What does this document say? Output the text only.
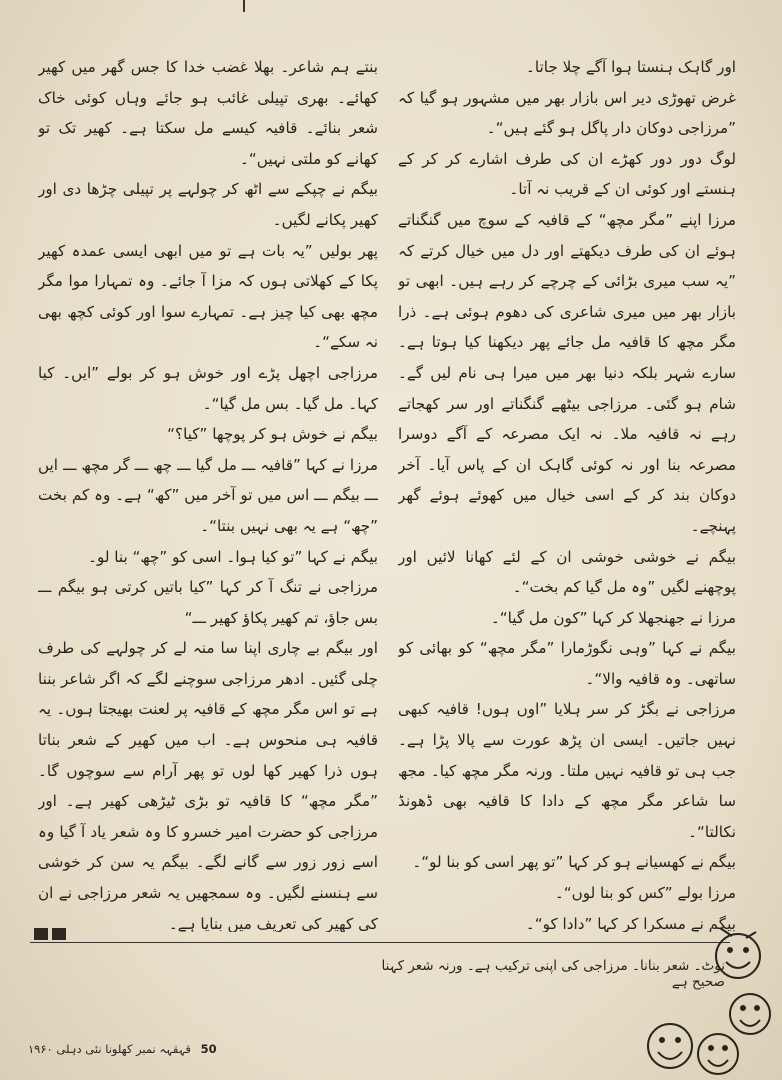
اور گاہک ہنستا ہوا آگے چلا جاتا۔

غرض تھوڑی دیر اس بازار بھر میں مشہور ہو گیا کہ ”مرزاجی دوکان دار پاگل ہو گئے ہیں“۔

لوگ دور دور کھڑے ان کی طرف اشارے کر کر کے ہنستے اور کوئی ان کے قریب نہ آتا۔

مرزا اپنے ”مگر مچھ“ کے قافیہ کے سوچ میں گنگناتے ہوئے ان کی طرف دیکھتے اور دل میں خیال کرتے کہ ”یہ سب میری بڑائی کے چرچے کر رہے ہیں۔ ابھی تو بازار بھر میں میری شاعری کی دھوم ہوئی ہے۔ ذرا مگر مچھ کا قافیہ مل جائے پھر دیکھنا کیا ہوتا ہے۔ سارے شہر بلکہ دنیا بھر میں میرا ہی نام لیں گے۔ شام ہو گئی۔ مرزاجی بیٹھے گنگناتے اور سر کھجاتے رہے نہ قافیہ ملا۔ نہ ایک مصرعہ کے آگے دوسرا مصرعہ بنا اور نہ کوئی گاہک ان کے پاس آیا۔ آخر دوکان بند کر کے اسی خیال میں کھوئے ہوئے گھر پہنچے۔

بیگم نے خوشی خوشی ان کے لئے کھانا لائیں اور پوچھنے لگیں ”وہ مل گیا کم بخت“۔

مرزا نے جھنجھلا کر کہا ”کون مل گیا“۔

بیگم نے کہا ”وہی نگوڑمارا ”مگر مچھ“ کو بھائی کو ساتھی۔ وہ قافیہ والا“۔

مرزاجی نے بگڑ کر سر ہلایا ”اوں ہوں! قافیہ کبھی نہیں جاتیں۔ ایسی ان پڑھ عورت سے پالا پڑا ہے۔ جب ہی تو قافیہ نہیں ملتا۔ ورنہ مگر مچھ کیا۔ مجھ سا شاعر مگر مچھ کے دادا کا قافیہ بھی ڈھونڈ نکالتا“۔

بیگم نے کھسیانے ہو کر کہا ”تو پھر اسی کو بنا لو“۔

مرزا بولے ”کس کو بنا لوں“۔

بیگم نے مسکرا کر کہا ”دادا کو“۔

بنتے ہم شاعر۔ بھلا غضب خدا کا جس گھر میں کھیر کھائے۔ بھری تپیلی غائب ہو جائے وہاں کوئی خاک شعر بنائے۔ قافیہ کیسے مل سکتا ہے۔ کھیر تک تو کھانے کو ملتی نہیں“۔

بیگم نے چپکے سے اٹھ کر چولہے پر تپیلی چڑھا دی اور کھیر پکانے لگیں۔

پھر بولیں ”یہ بات ہے تو میں ابھی ایسی عمدہ کھیر پکا کے کھلاتی ہوں کہ مزا آ جائے۔ وہ تمہارا موا مگر مچھ بھی کیا چیز ہے۔ تمہارے سوا اور کوئی کچھ بھی نہ سکے“۔

مرزاجی اچھل پڑے اور خوش ہو کر بولے ”ایں۔ کیا کہا۔ مل گیا۔ بس مل گیا“۔

بیگم نے خوش ہو کر پوچھا ”کیا؟“

مرزا نے کہا ”قافیہ ـــ مل گیا ـــ چھ ـــ گر مچھ ـــ ایں ـــ بیگم ـــ اس میں تو آخر میں ”کھ“ ہے۔ وہ کم بخت ”چھ“ ہے یہ بھی نہیں بنتا“۔

بیگم نے کہا ”تو کیا ہوا۔ اسی کو ”چھ“ بنا لو۔

مرزاجی نے تنگ آ کر کہا ”کیا باتیں کرتی ہو بیگم ـــ بس جاؤ، تم کھیر پکاؤ کھیر ـــ“

اور بیگم بے چاری اپنا سا منہ لے کر چولہے کی طرف چلی گئیں۔ ادھر مرزاجی سوچنے لگے کہ اگر شاعر بننا ہے تو اس مگر مچھ کے قافیہ پر لعنت بھیجتا ہوں۔ یہ قافیہ ہی منحوس ہے۔ اب میں کھیر کے شعر بناتا ہوں ذرا کھیر کھا لوں تو پھر آرام سے سوچوں گا۔ ”مگر مچھ“ کا قافیہ تو بڑی ٹیڑھی کھیر ہے۔ اور مرزاجی کو حضرت امیر خسرو کا وہ شعر یاد آ گیا وہ اسے زور زور سے گانے لگے۔ بیگم یہ سن کر خوشی سے ہنسنے لگیں۔ وہ سمجھیں یہ شعر مرزاجی نے ان کی کھیر کی تعریف میں بنایا ہے۔

نوٹ۔ شعر بنانا۔ مرزاجی کی اپنی ترکیب ہے۔ ورنہ شعر کہنا صحیح ہے
50 قہقہہ نمبر کھلونا نئی دہلی ۱۹۶۰
